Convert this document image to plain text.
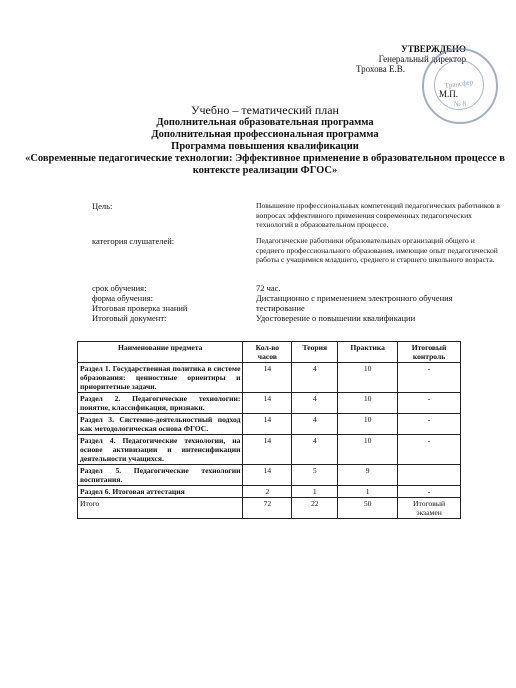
УТВЕРЖДЕНО
Генеральный директор
Трохова Е.В.
М.П.
Трансфер
№ 8
Учебно – тематический план
Дополнительная образовательная программа
Дополнительная профессиональная программа
Программа повышения квалификации
«Современные педагогические технологии: Эффективное применение в образовательном процессе в контексте реализации ФГОС»
Цель:	Повышение профессиональных компетенций педагогических работников в вопросах эффективного применения современных педагогических технологий в образовательном процессе.
категория слушателей:	Педагогические работники образовательных организаций общего и среднего профессионального образования, имеющие опыт педагогической работы с учащимися младшего, среднего и старшего школьного возраста.
срок обучения:	72 час.
форма обучения:	Дистанционно с применением электронного обучения
Итоговая проверка знаний	тестирование
Итоговый документ:	Удостоверение о повышении квалификации
Наименование предмета	Кол-во часов	Теория	Практика	Итоговый контроль
Раздел 1. Государственная политика в системе образования: ценностные ориентиры и приоритетные задачи.	14	4	10	-
Раздел 2. Педагогические технологии: понятие, классификация, признаки.	14	4	10	-
Раздел 3. Системно-деятельностный подход как методологическая основа ФГОС.	14	4	10	-
Раздел 4. Педагогические технологии, на основе активизации и интенсификации деятельности учащихся.	14	4	10	-
Раздел 5. Педагогические технологии воспитания.	14	5	9	
Раздел 6. Итоговая аттестация	2	1	1	-
Итого	72	22	50	Итоговый экзамен
